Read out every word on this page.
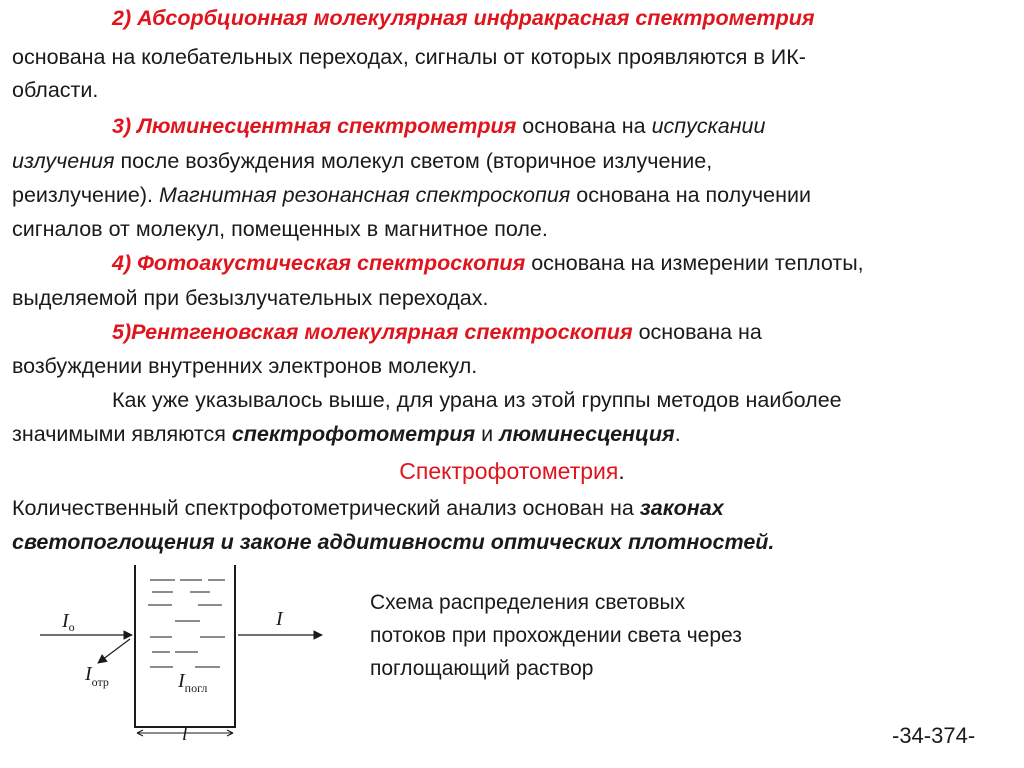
2) Абсорбционная молекулярная инфракрасная спектрометрия
основана на колебательных переходах, сигналы от которых проявляются в ИК-
области.
3) Люминесцентная спектрометрия основана на испускании
излучения после возбуждения молекул светом (вторичное излучение,
реизлучение). Магнитная резонансная спектроскопия основана на получении
сигналов от молекул, помещенных в магнитное поле.
4) Фотоакустическая спектроскопия основана на измерении теплоты,
выделяемой при безызлучательных переходах.
5)Рентгеновская молекулярная спектроскопия основана на
возбуждении внутренних электронов молекул.
Как уже указывалось выше, для урана из этой группы методов наиболее
значимыми являются спектрофотометрия и люминесценция.
Спектрофотометрия.
Количественный спектрофотометрический анализ основан на законах
светопоглощения и законе аддитивности оптических плотностей.
$I_o$	I
$I_{отр}$	$I_{погл}$
l
Схема распределения световых
потоков при прохождении света через
поглощающий раствор
-34-374-
